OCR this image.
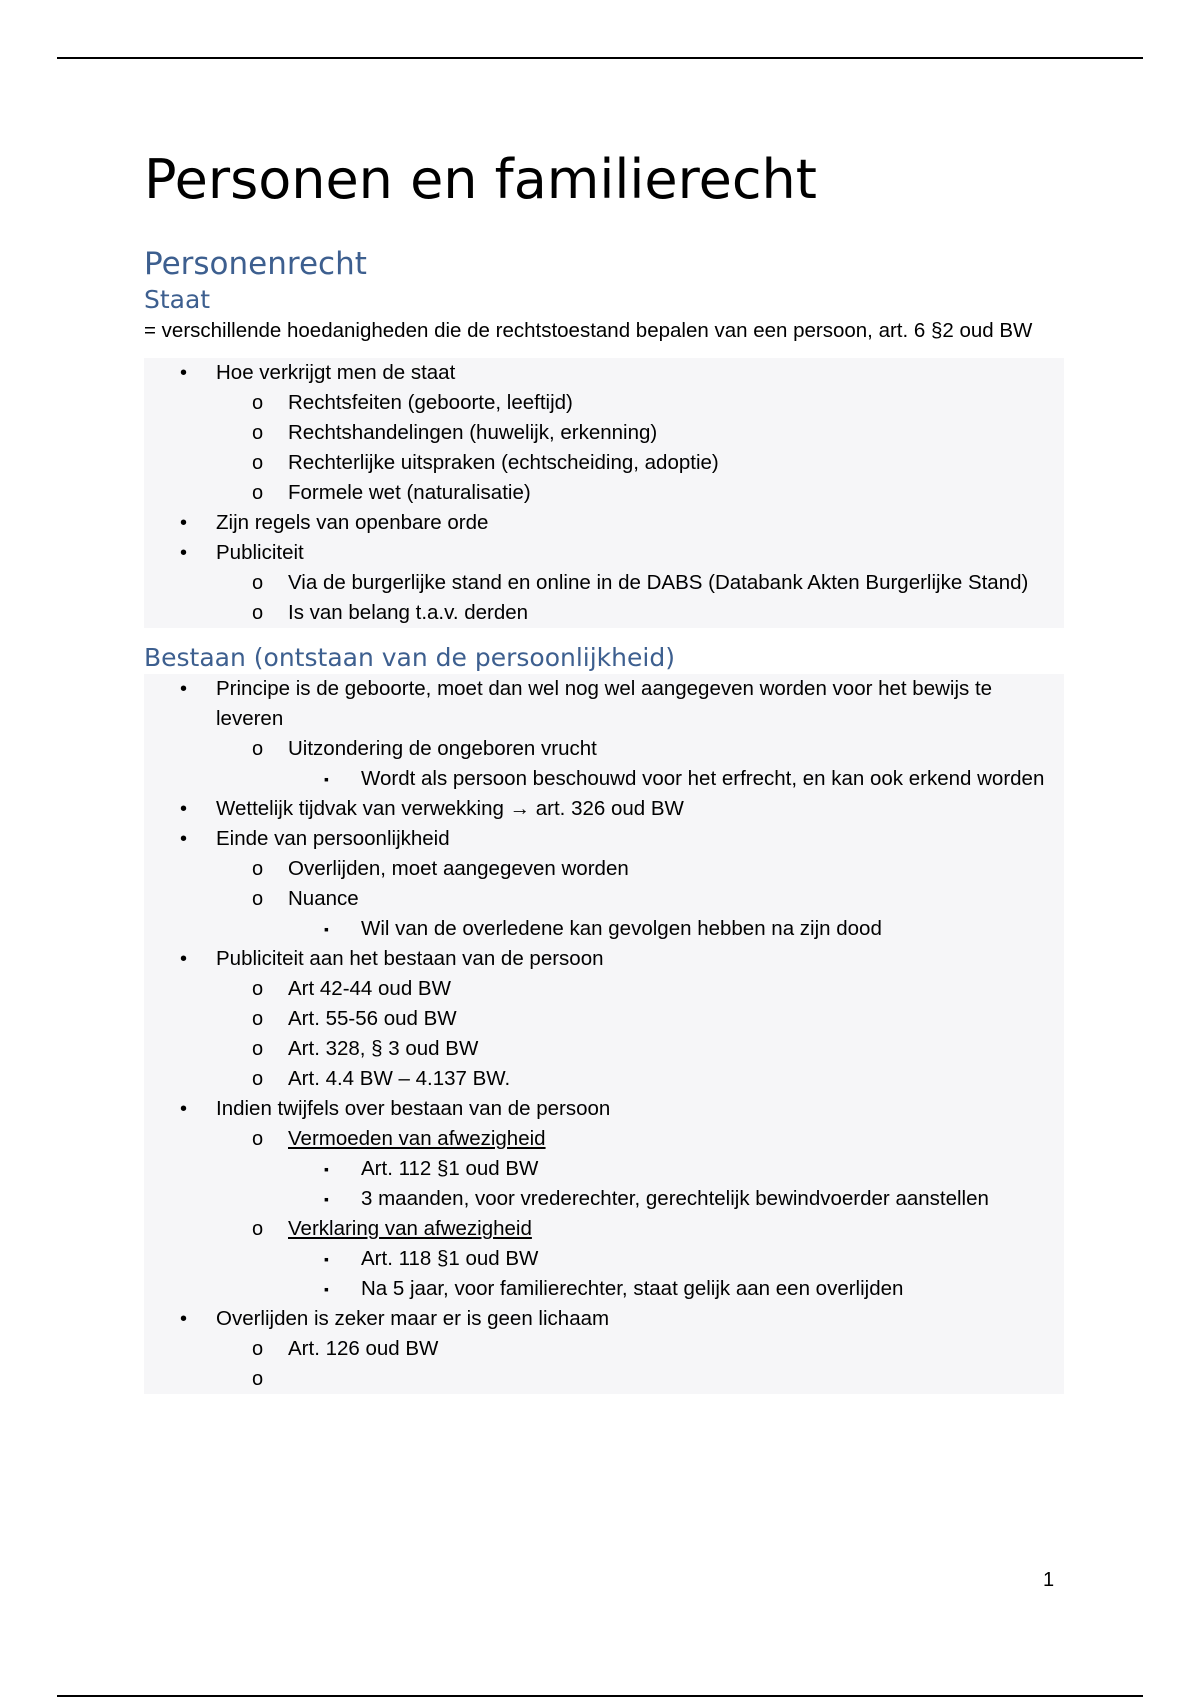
Personen en familierecht
Personenrecht
Staat

= verschillende hoedanigheden die de rechtstoestand bepalen van een persoon, art. 6 §2 oud BW

• Hoe verkrijgt men de staat
o Rechtsfeiten (geboorte, leeftijd)
o Rechtshandelingen (huwelijk, erkenning)
o Rechterlijke uitspraken (echtscheiding, adoptie)
o Formele wet (naturalisatie)
• Zijn regels van openbare orde
• Publiciteit
o Via de burgerlijke stand en online in de DABS (Databank Akten Burgerlijke Stand)
o Is van belang t.a.v. derden
Bestaan (ontstaan van de persoonlijkheid)
• Principe is de geboorte, moet dan wel nog wel aangegeven worden voor het bewijs te leveren
o Uitzondering de ongeboren vrucht
▪ Wordt als persoon beschouwd voor het erfrecht, en kan ook erkend worden
• Wettelijk tijdvak van verwekking → art. 326 oud BW
• Einde van persoonlijkheid
o Overlijden, moet aangegeven worden
o Nuance
▪ Wil van de overledene kan gevolgen hebben na zijn dood
• Publiciteit aan het bestaan van de persoon
o Art 42-44 oud BW
o Art. 55-56 oud BW
o Art. 328, § 3 oud BW
o Art. 4.4 BW – 4.137 BW.
• Indien twijfels over bestaan van de persoon
o Vermoeden van afwezigheid
▪ Art. 112 §1 oud BW
▪ 3 maanden, voor vrederechter, gerechtelijk bewindvoerder aanstellen
o Verklaring van afwezigheid
▪ Art. 118 §1 oud BW
▪ Na 5 jaar, voor familierechter, staat gelijk aan een overlijden
• Overlijden is zeker maar er is geen lichaam
o Art. 126 oud BW
o
1
